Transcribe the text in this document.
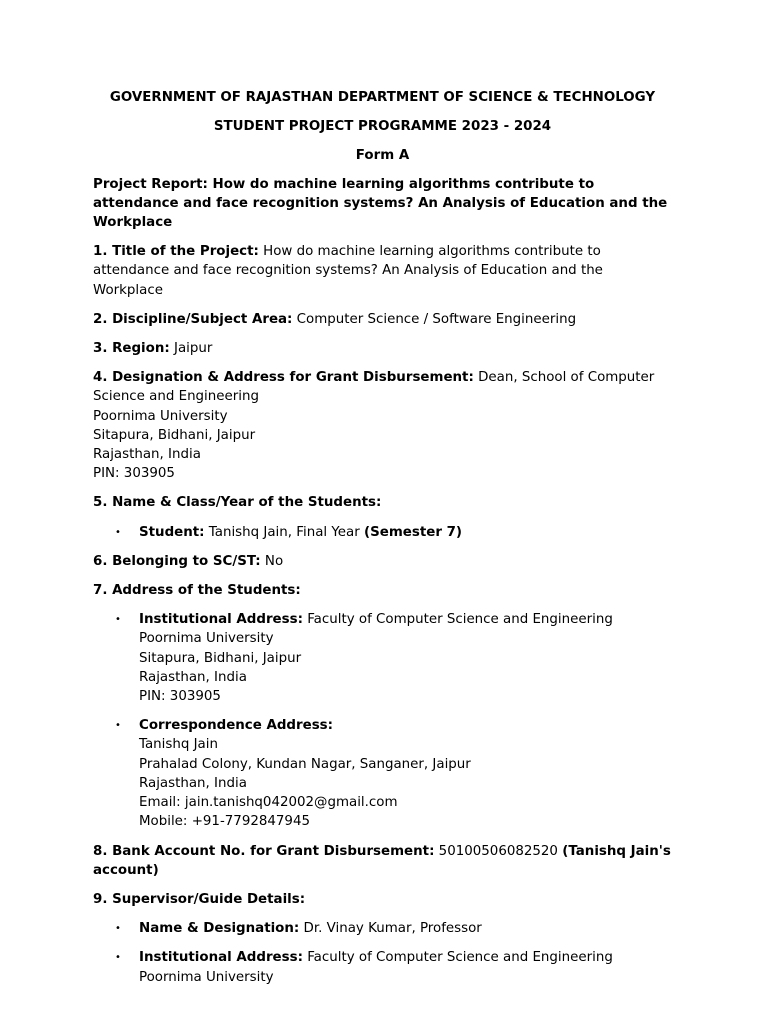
GOVERNMENT OF RAJASTHAN DEPARTMENT OF SCIENCE & TECHNOLOGY

STUDENT PROJECT PROGRAMME 2023 - 2024

Form A

Project Report: How do machine learning algorithms contribute to attendance and face recognition systems? An Analysis of Education and the Workplace

1. Title of the Project: How do machine learning algorithms contribute to attendance and face recognition systems? An Analysis of Education and the Workplace

2. Discipline/Subject Area: Computer Science / Software Engineering

3. Region: Jaipur

4. Designation & Address for Grant Disbursement: Dean, School of Computer Science and Engineering
Poornima University
Sitapura, Bidhani, Jaipur
Rajasthan, India
PIN: 303905

5. Name & Class/Year of the Students:

• Student: Tanishq Jain, Final Year (Semester 7)

6. Belonging to SC/ST: No

7. Address of the Students:

• Institutional Address: Faculty of Computer Science and Engineering
Poornima University
Sitapura, Bidhani, Jaipur
Rajasthan, India
PIN: 303905
• Correspondence Address:
Tanishq Jain
Prahalad Colony, Kundan Nagar, Sanganer, Jaipur
Rajasthan, India
Email: jain.tanishq042002@gmail.com
Mobile: +91-7792847945

8. Bank Account No. for Grant Disbursement: 50100506082520 (Tanishq Jain's account)

9. Supervisor/Guide Details:

• Name & Designation: Dr. Vinay Kumar, Professor
• Institutional Address: Faculty of Computer Science and Engineering
Poornima University
